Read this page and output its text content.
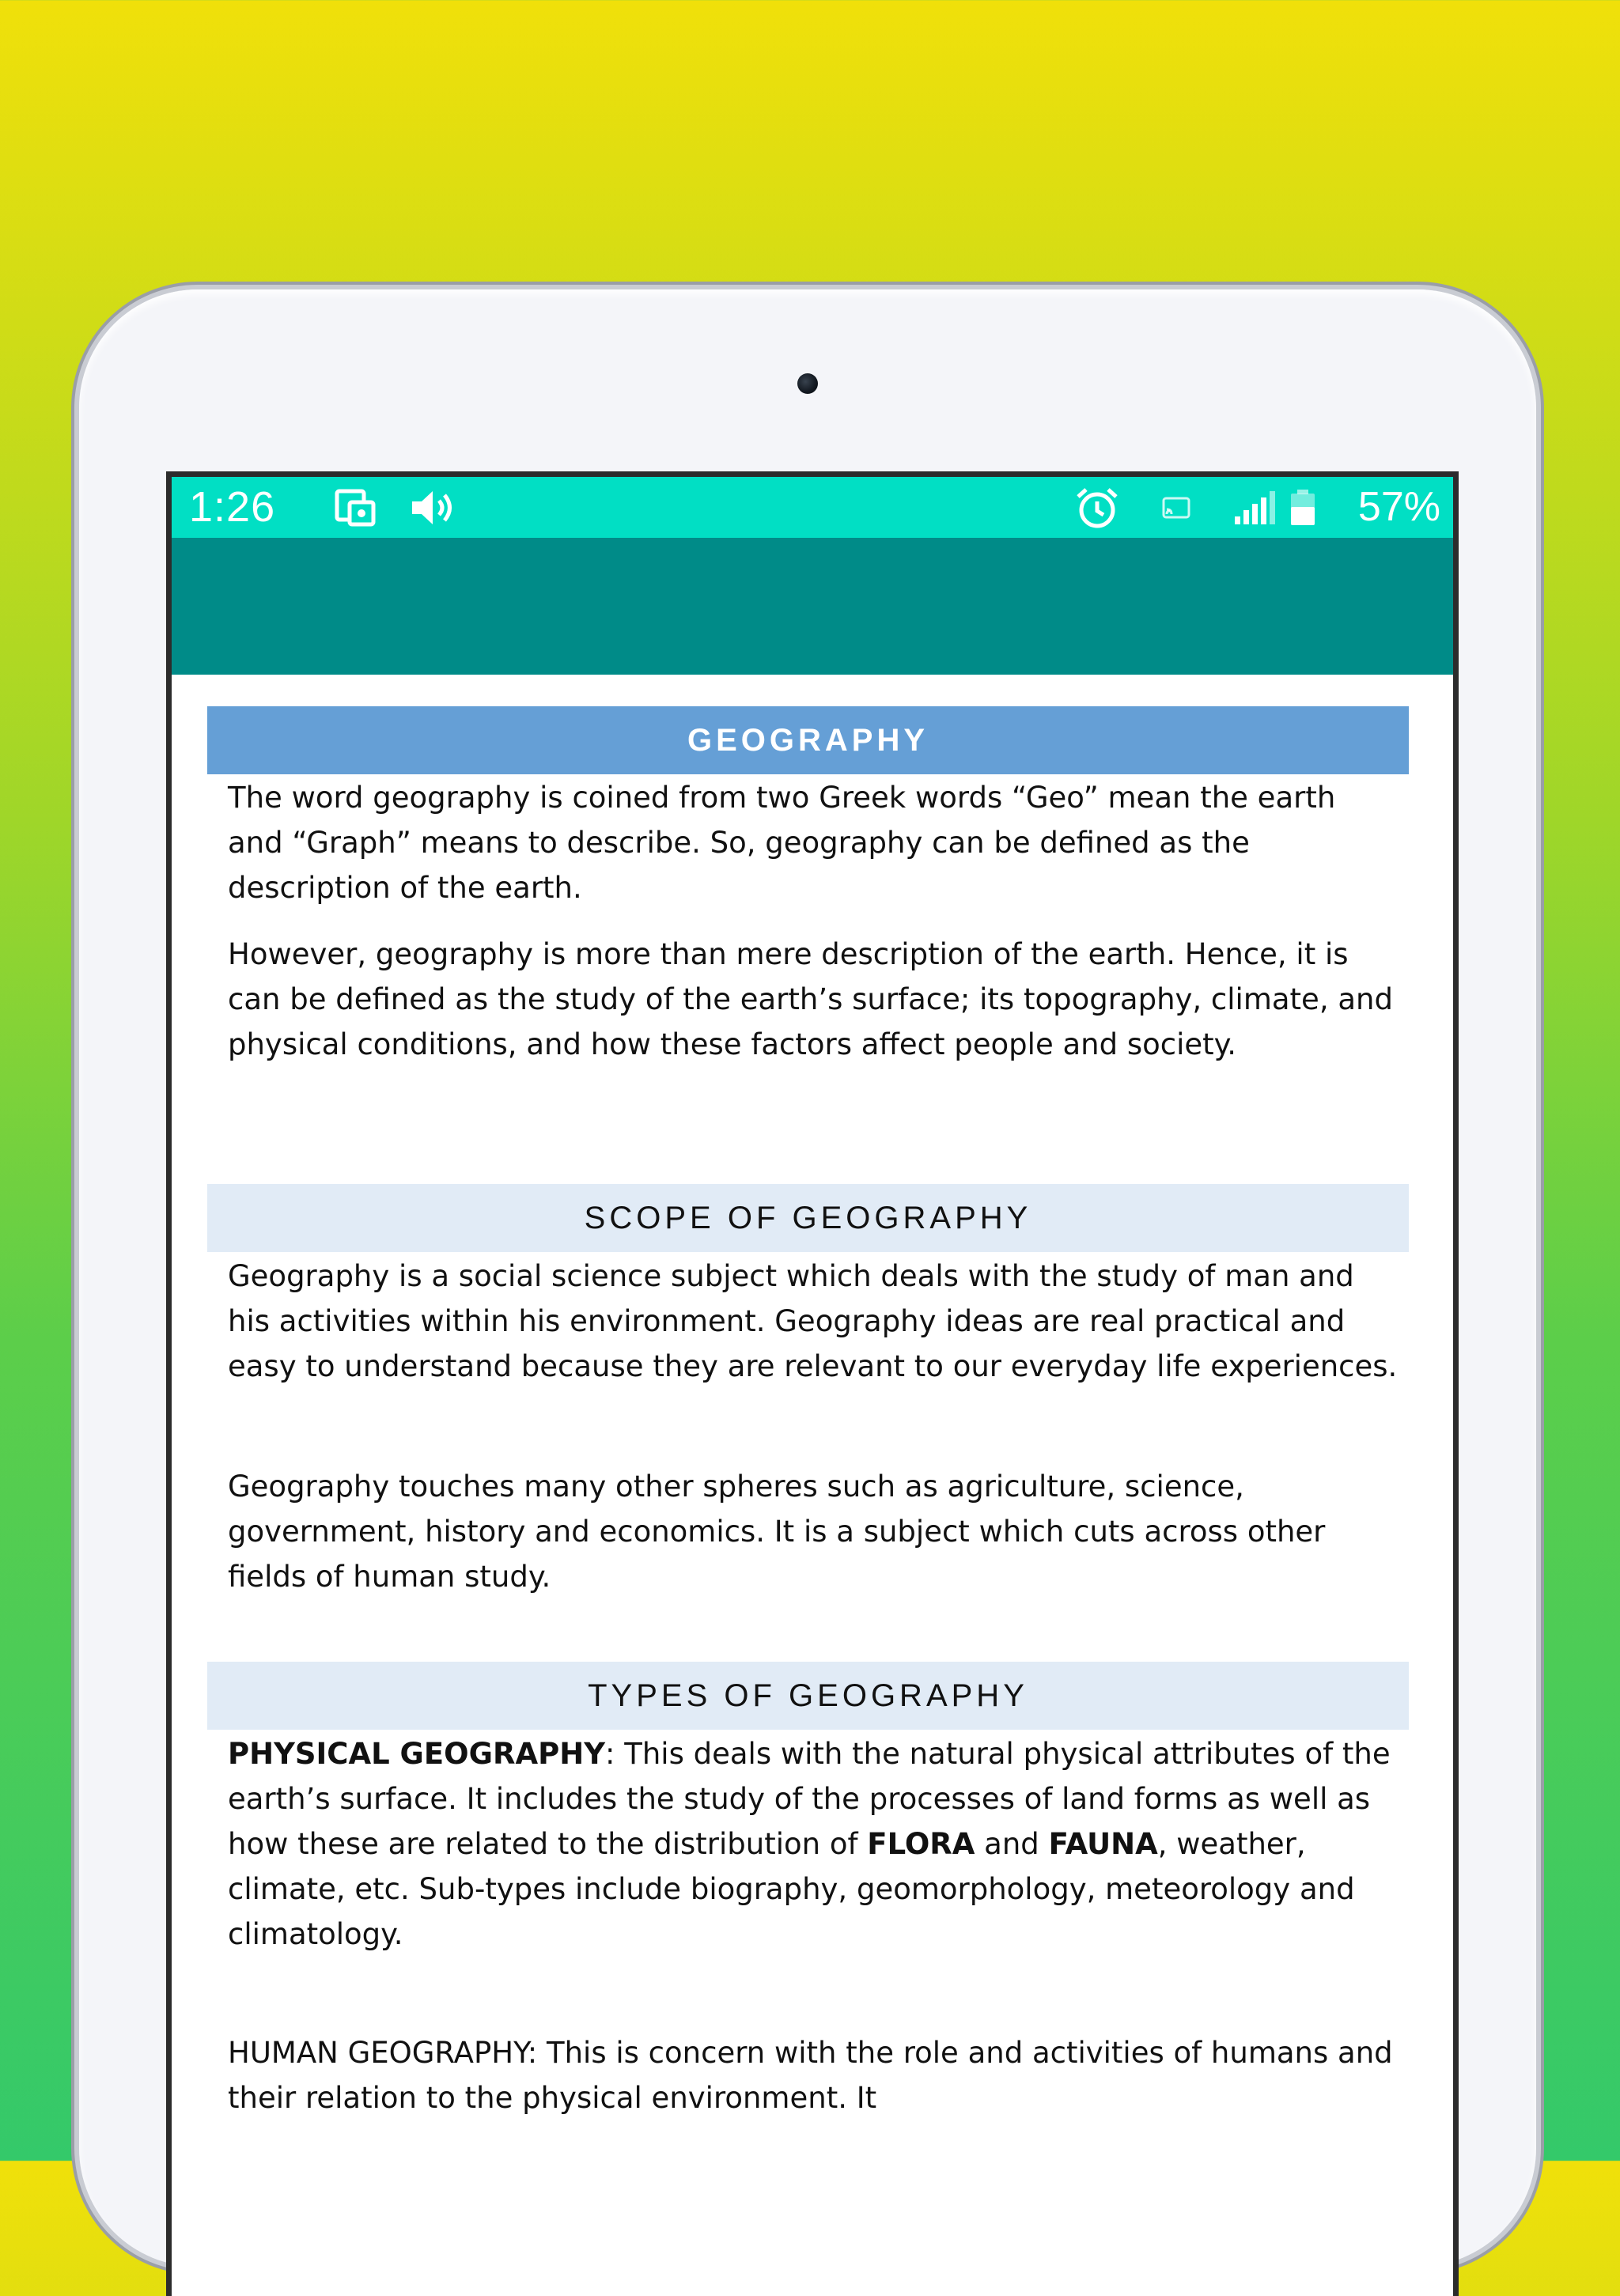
1:26	57%
GEOGRAPHY

The word geography is coined from two Greek words “Geo” mean the earth and “Graph” means to describe. So, geography can be defined as the description of the earth.

However, geography is more than mere description of the earth. Hence, it is can be defined as the study of the earth’s surface; its topography, climate, and physical conditions, and how these factors affect people and society.

SCOPE OF GEOGRAPHY

Geography is a social science subject which deals with the study of man and his activities within his environment. Geography ideas are real practical and easy to understand because they are relevant to our everyday life experiences.

Geography touches many other spheres such as agriculture, science, government, history and economics. It is a subject which cuts across other fields of human study.

TYPES OF GEOGRAPHY

PHYSICAL GEOGRAPHY: This deals with the natural physical attributes of the earth’s surface. It includes the study of the processes of land forms as well as how these are related to the distribution of FLORA and FAUNA, weather, climate, etc. Sub-types include biography, geomorphology, meteorology and climatology.

HUMAN GEOGRAPHY: This is concern with the role and activities of humans and their relation to the physical environment. It
